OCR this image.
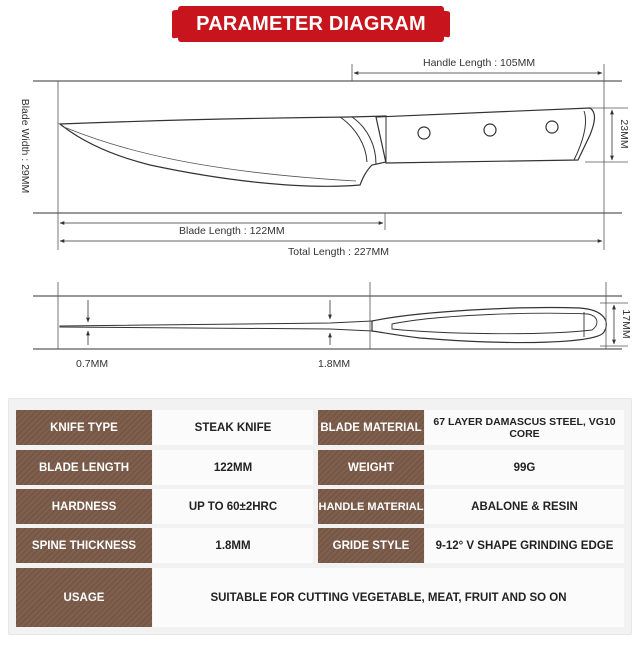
PARAMETER DIAGRAM
Handle Length : 105MM
Blade Width : 29MM	23MM
Blade Length : 122MM
Total Length : 227MM
17MM
0.7MM	1.8MM
KNIFE TYPE	STEAK KNIFE	BLADE MATERIAL	67 LAYER DAMASCUS STEEL, VG10 CORE
BLADE LENGTH	122MM	WEIGHT	99G
HARDNESS	UP TO 60±2HRC	HANDLE MATERIAL	ABALONE & RESIN
SPINE THICKNESS	1.8MM	GRIDE STYLE	9-12° V SHAPE GRINDING EDGE
USAGE	SUITABLE FOR CUTTING VEGETABLE, MEAT, FRUIT AND SO ON
